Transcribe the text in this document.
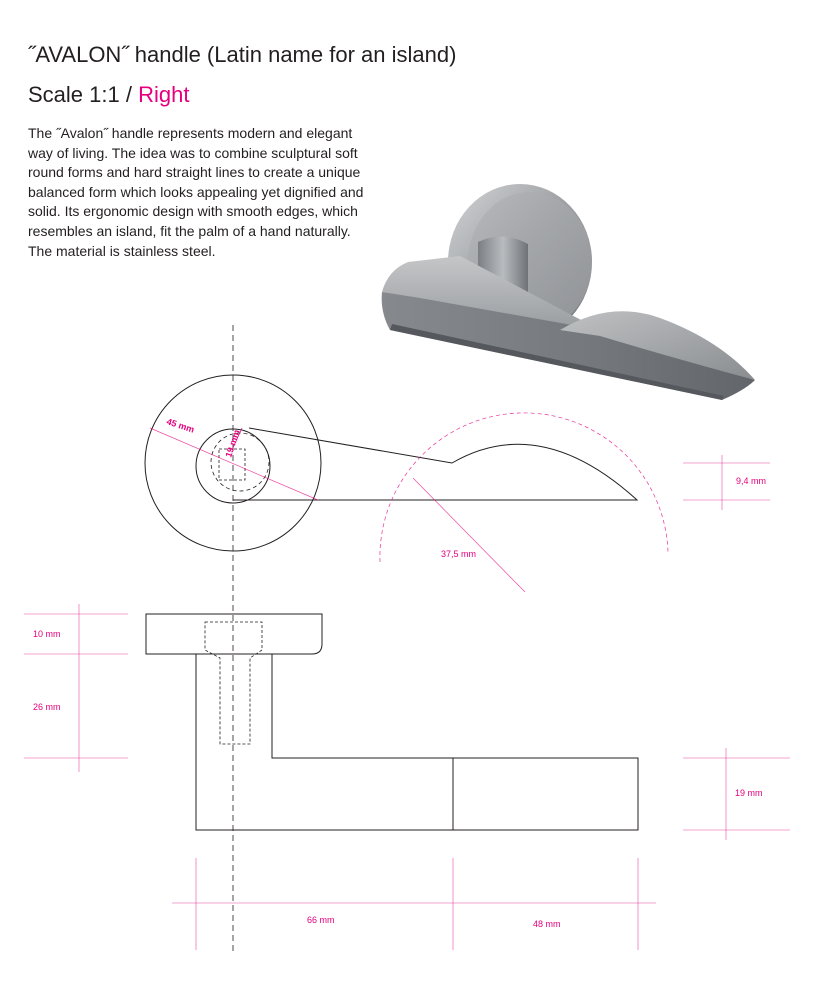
45 mm
19 mm
9,4 mm
37,5 mm
10 mm
26 mm
19 mm
66 mm	48 mm
˝AVALON˝ handle (Latin name for an island)
Scale 1:1 / Right

The ˝Avalon˝ handle represents modern and elegant way of living. The idea was to combine sculptural soft round forms and hard straight lines to create a unique balanced form which looks appealing yet dignified and solid. Its ergonomic design with smooth edges, which resembles an island, fit the palm of a hand naturally. The material is stainless steel.
